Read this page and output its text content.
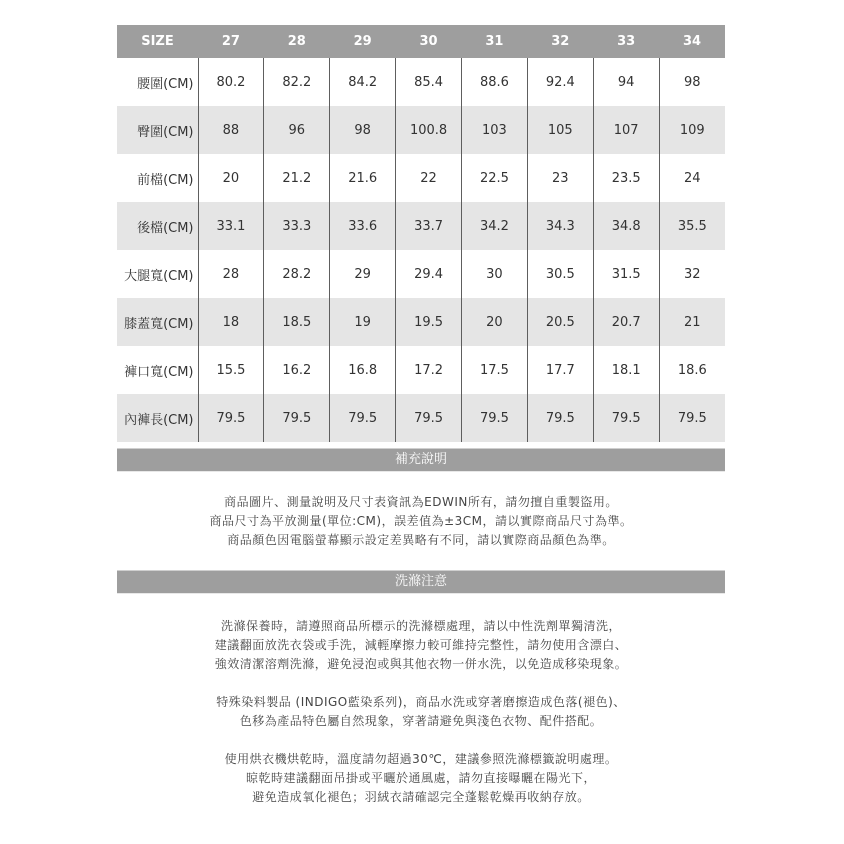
SIZE	27	28	29	30	31	32	33	34
腰圍(CM)	80.2	82.2	84.2	85.4	88.6	92.4	94	98
臀圍(CM)	88	96	98	100.8	103	105	107	109
前檔(CM)	20	21.2	21.6	22	22.5	23	23.5	24
後檔(CM)	33.1	33.3	33.6	33.7	34.2	34.3	34.8	35.5
大腿寬(CM)	28	28.2	29	29.4	30	30.5	31.5	32
膝蓋寬(CM)	18	18.5	19	19.5	20	20.5	20.7	21
褲口寬(CM)	15.5	16.2	16.8	17.2	17.5	17.7	18.1	18.6
內褲長(CM)	79.5	79.5	79.5	79.5	79.5	79.5	79.5	79.5
補充說明

商品圖片、測量說明及尺寸表資訊為EDWIN所有，請勿擅自重製盜用。

商品尺寸為平放測量(單位:CM)，誤差值為±3CM，請以實際商品尺寸為準。

商品顏色因電腦螢幕顯示設定差異略有不同，請以實際商品顏色為準。

洗滌注意

洗滌保養時，請遵照商品所標示的洗滌標處理，請以中性洗劑單獨清洗，

建議翻面放洗衣袋或手洗，減輕摩擦力較可維持完整性，請勿使用含漂白、

強效清潔溶劑洗滌，避免浸泡或與其他衣物一併水洗，以免造成移染現象。

特殊染料製品 (INDIGO藍染系列)，商品水洗或穿著磨擦造成色落(褪色)、

色移為產品特色屬自然現象，穿著請避免與淺色衣物、配件搭配。

使用烘衣機烘乾時，溫度請勿超過30℃，建議參照洗滌標籤說明處理。

晾乾時建議翻面吊掛或平曬於通風處，請勿直接曝曬在陽光下，

避免造成氧化褪色；羽絨衣請確認完全蓬鬆乾燥再收納存放。
